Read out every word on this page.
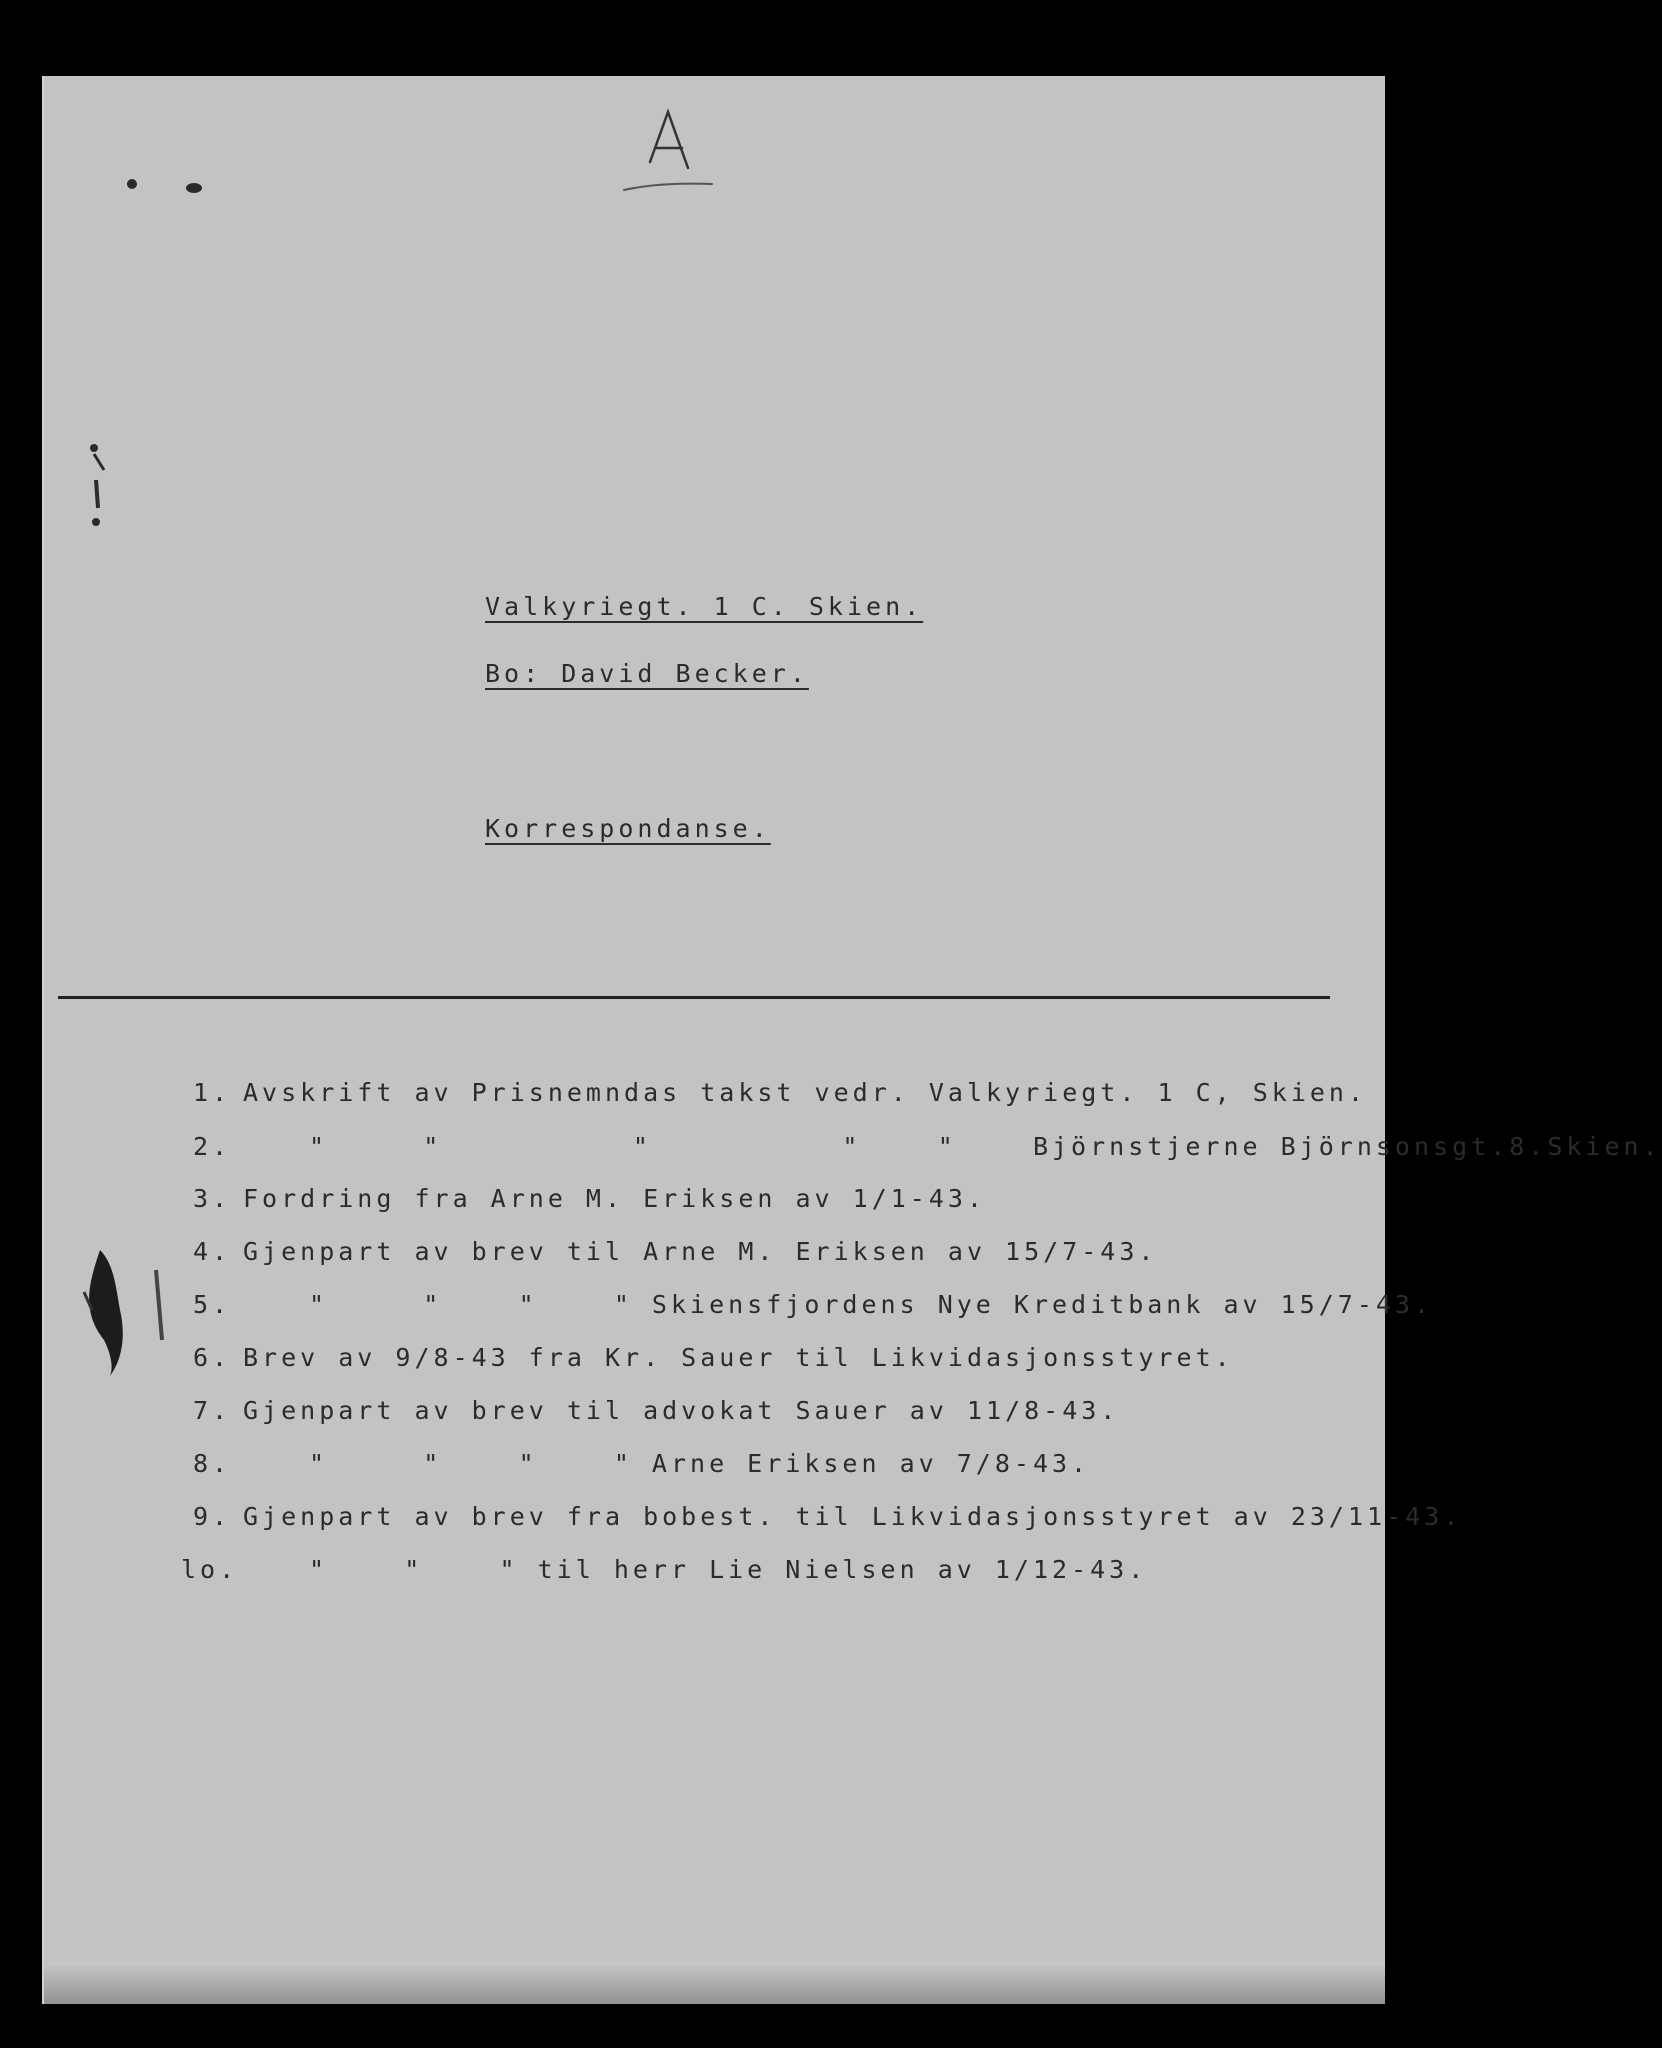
Valkyriegt. 1 C. Skien.
Bo: David Becker.
Korrespondanse.
1. Avskrift av Prisnemndas takst vedr. Valkyriegt. 1 C, Skien.
2.	"     "          "          "    "    Björnstjerne Björnsonsgt.8.Skien.
3. Fordring fra Arne M. Eriksen av 1/1-43.
4. Gjenpart av brev til Arne M. Eriksen av 15/7-43.
5.	"     "    "    " Skiensfjordens Nye Kreditbank av 15/7-43.
6. Brev av 9/8-43 fra Kr. Sauer til Likvidasjonsstyret.
7. Gjenpart av brev til advokat Sauer av 11/8-43.
8.	"     "    "    " Arne Eriksen av 7/8-43.
9. Gjenpart av brev fra bobest. til Likvidasjonsstyret av 23/11-43.
lo.	"    "    " til herr Lie Nielsen av 1/12-43.
